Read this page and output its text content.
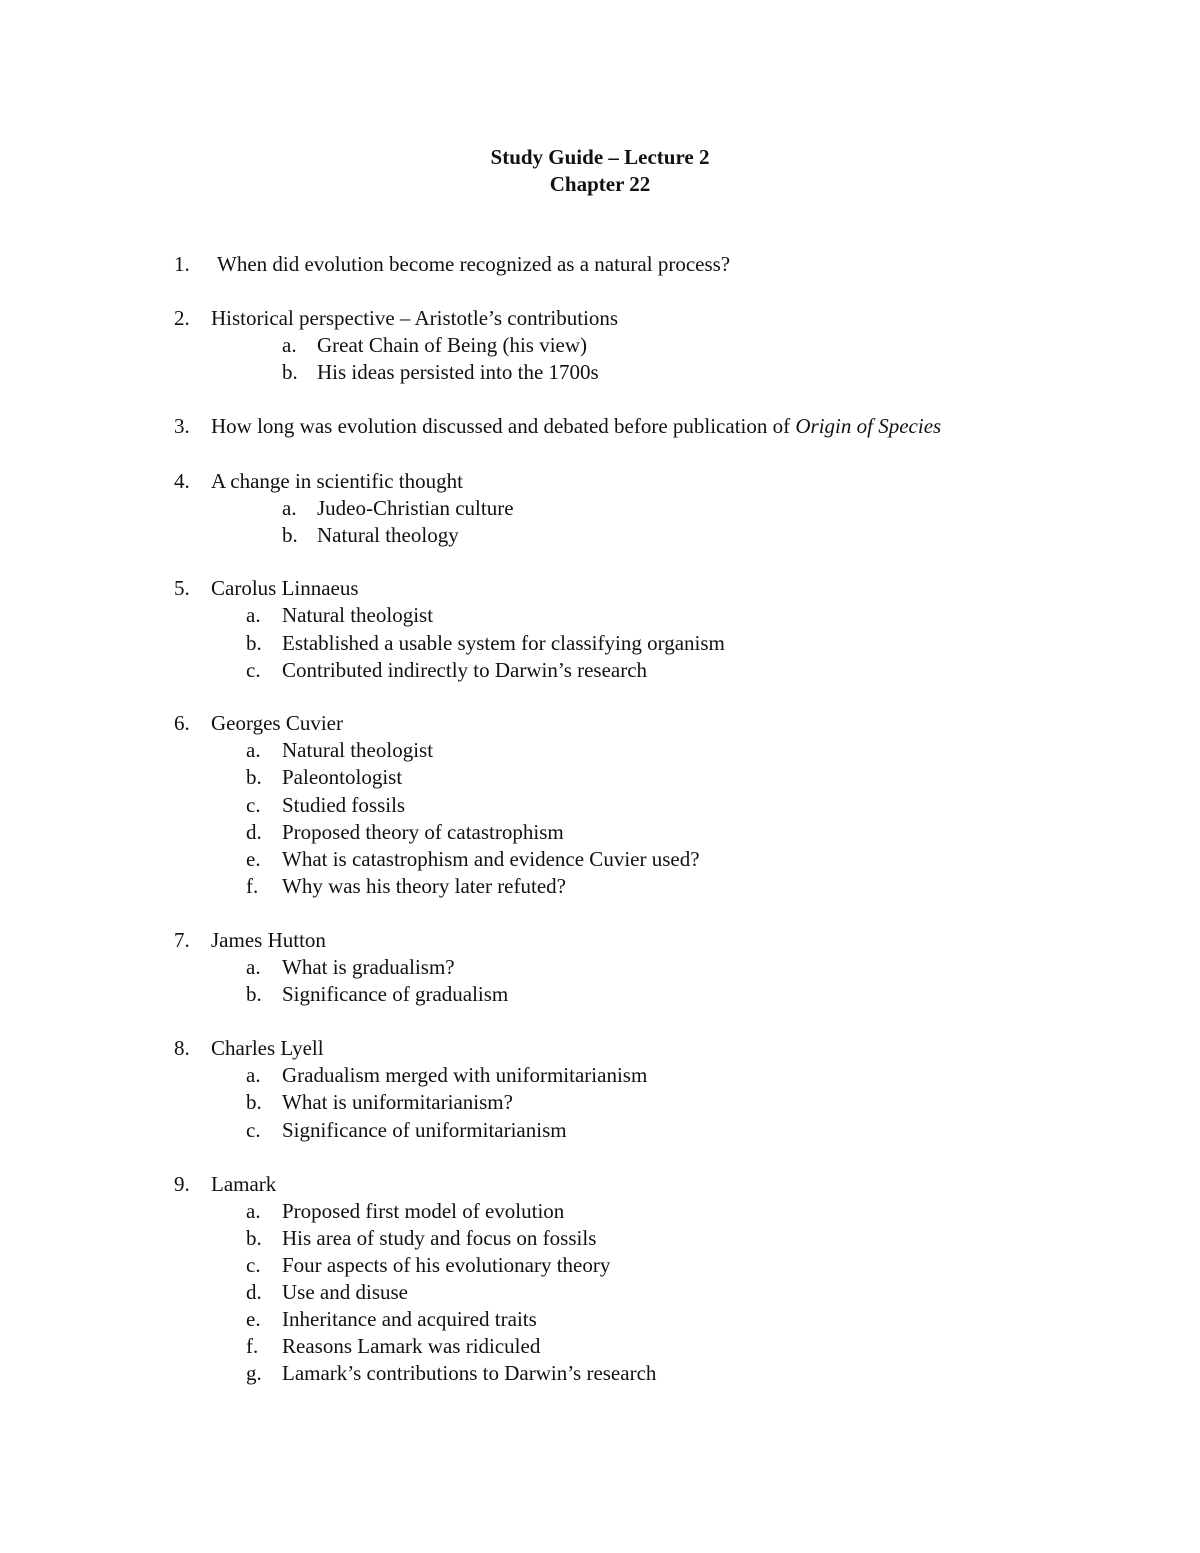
Study Guide – Lecture 2
Chapter 22
1. When did evolution become recognized as a natural process?
2. Historical perspective – Aristotle’s contributions
a. Great Chain of Being (his view)
b. His ideas persisted into the 1700s
3. How long was evolution discussed and debated before publication of Origin of Species
4. A change in scientific thought
a. Judeo-Christian culture
b. Natural theology
5. Carolus Linnaeus
a. Natural theologist
b. Established a usable system for classifying organism
c. Contributed indirectly to Darwin’s research
6. Georges Cuvier
a. Natural theologist
b. Paleontologist
c. Studied fossils
d. Proposed theory of catastrophism
e. What is catastrophism and evidence Cuvier used?
f. Why was his theory later refuted?
7. James Hutton
a. What is gradualism?
b. Significance of gradualism
8. Charles Lyell
a. Gradualism merged with uniformitarianism
b. What is uniformitarianism?
c. Significance of uniformitarianism
9. Lamark
a. Proposed first model of evolution
b. His area of study and focus on fossils
c. Four aspects of his evolutionary theory
d. Use and disuse
e. Inheritance and acquired traits
f. Reasons Lamark was ridiculed
g. Lamark’s contributions to Darwin’s research
